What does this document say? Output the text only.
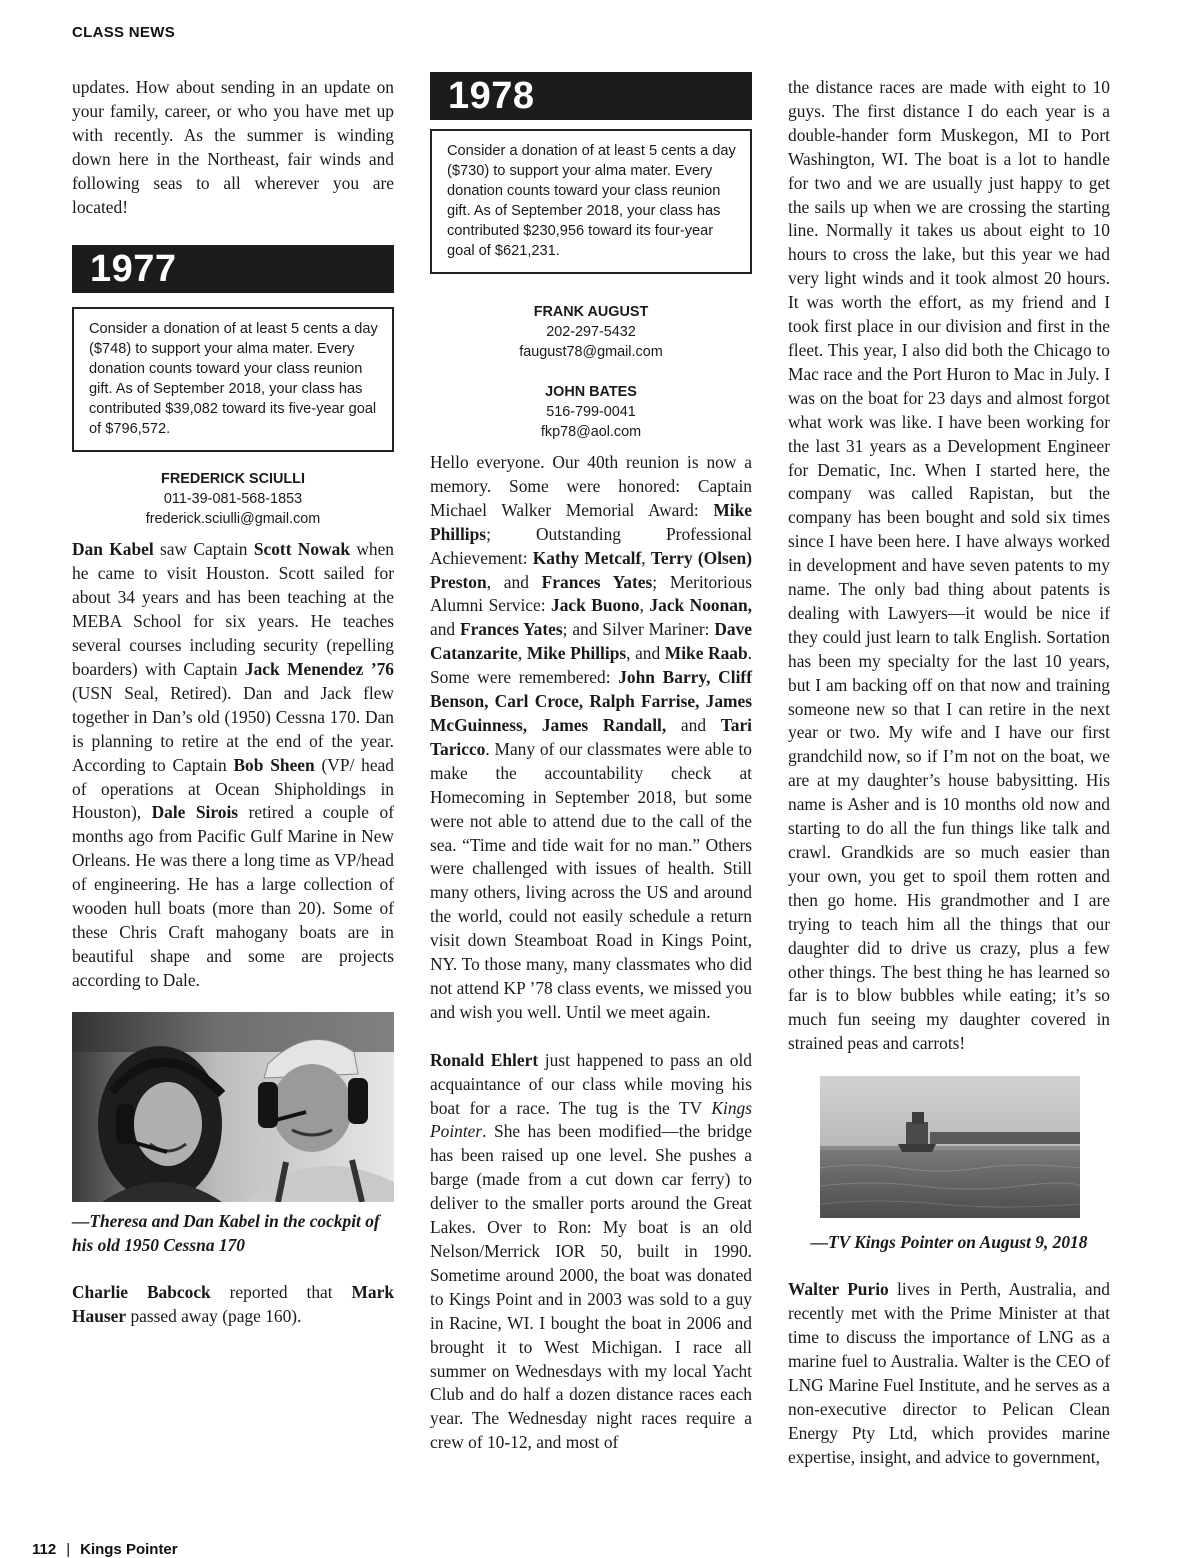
CLASS NEWS

updates. How about sending in an update on your family, career, or who you have met up with recently. As the summer is winding down here in the Northeast, fair winds and following seas to all wherever you are located!

1977
Consider a donation of at least 5 cents a day ($748) to support your alma mater. Every donation counts toward your class reunion gift. As of September 2018, your class has contributed $39,082 toward its five-year goal of $796,572.
FREDERICK SCIULLI
011-39-081-568-1853
frederick.sciulli@gmail.com

Dan Kabel saw Captain Scott Nowak when he came to visit Houston. Scott sailed for about 34 years and has been teaching at the MEBA School for six years. He teaches several courses including security (repelling boarders) with Captain Jack Menendez ’76 (USN Seal, Retired). Dan and Jack flew together in Dan’s old (1950) Cessna 170. Dan is planning to retire at the end of the year. According to Captain Bob Sheen (VP/ head of operations at Ocean Shipholdings in Houston), Dale Sirois retired a couple of months ago from Pacific Gulf Marine in New Orleans. He was there a long time as VP/head of engineering. He has a large collection of wooden hull boats (more than 20). Some of these Chris Craft mahogany boats are in beautiful shape and some are projects according to Dale.

—Theresa and Dan Kabel in the cockpit of his old 1950 Cessna 170

Charlie Babcock reported that Mark Hauser passed away (page 160).

1978
Consider a donation of at least 5 cents a day ($730) to support your alma mater. Every donation counts toward your class reunion gift. As of September 2018, your class has contributed $230,956 toward its four-year goal of $621,231.
FRANK AUGUST
202-297-5432
faugust78@gmail.com
JOHN BATES
516-799-0041
fkp78@aol.com

Hello everyone. Our 40th reunion is now a memory. Some were honored: Captain Michael Walker Memorial Award: Mike Phillips; Outstanding Professional Achievement: Kathy Metcalf, Terry (Olsen) Preston, and Frances Yates; Meritorious Alumni Service: Jack Buono, Jack Noonan, and Frances Yates; and Silver Mariner: Dave Catanzarite, Mike Phillips, and Mike Raab. Some were remembered: John Barry, Cliff Benson, Carl Croce, Ralph Farrise, James McGuinness, James Randall, and Tari Taricco. Many of our classmates were able to make the accountability check at Homecoming in September 2018, but some were not able to attend due to the call of the sea. “Time and tide wait for no man.” Others were challenged with issues of health. Still many others, living across the US and around the world, could not easily schedule a return visit down Steamboat Road in Kings Point, NY. To those many, many classmates who did not attend KP ’78 class events, we missed you and wish you well. Until we meet again.

Ronald Ehlert just happened to pass an old acquaintance of our class while moving his boat for a race. The tug is the TV Kings Pointer. She has been modified—the bridge has been raised up one level. She pushes a barge (made from a cut down car ferry) to deliver to the smaller ports around the Great Lakes. Over to Ron: My boat is an old Nelson/Merrick IOR 50, built in 1990. Sometime around 2000, the boat was donated to Kings Point and in 2003 was sold to a guy in Racine, WI. I bought the boat in 2006 and brought it to West Michigan. I race all summer on Wednesdays with my local Yacht Club and do half a dozen distance races each year. The Wednesday night races require a crew of 10-12, and most of

the distance races are made with eight to 10 guys. The first distance I do each year is a double-hander form Muskegon, MI to Port Washington, WI. The boat is a lot to handle for two and we are usually just happy to get the sails up when we are crossing the starting line. Normally it takes us about eight to 10 hours to cross the lake, but this year we had very light winds and it took almost 20 hours. It was worth the effort, as my friend and I took first place in our division and first in the fleet. This year, I also did both the Chicago to Mac race and the Port Huron to Mac in July. I was on the boat for 23 days and almost forgot what work was like. I have been working for the last 31 years as a Development Engineer for Dematic, Inc. When I started here, the company was called Rapistan, but the company has been bought and sold six times since I have been here. I have always worked in development and have seven patents to my name. The only bad thing about patents is dealing with Lawyers—it would be nice if they could just learn to talk English. Sortation has been my specialty for the last 10 years, but I am backing off on that now and training someone new so that I can retire in the next year or two. My wife and I have our first grandchild now, so if I’m not on the boat, we are at my daughter’s house babysitting. His name is Asher and is 10 months old now and starting to do all the fun things like talk and crawl. Grandkids are so much easier than your own, you get to spoil them rotten and then go home. His grandmother and I are trying to teach him all the things that our daughter did to drive us crazy, plus a few other things. The best thing he has learned so far is to blow bubbles while eating; it’s so much fun seeing my daughter covered in strained peas and carrots!

—TV Kings Pointer on August 9, 2018

Walter Purio lives in Perth, Australia, and recently met with the Prime Minister at that time to discuss the importance of LNG as a marine fuel to Australia. Walter is the CEO of LNG Marine Fuel Institute, and he serves as a non-executive director to Pelican Clean Energy Pty Ltd, which provides marine expertise, insight, and advice to government,

112 | Kings Pointer
